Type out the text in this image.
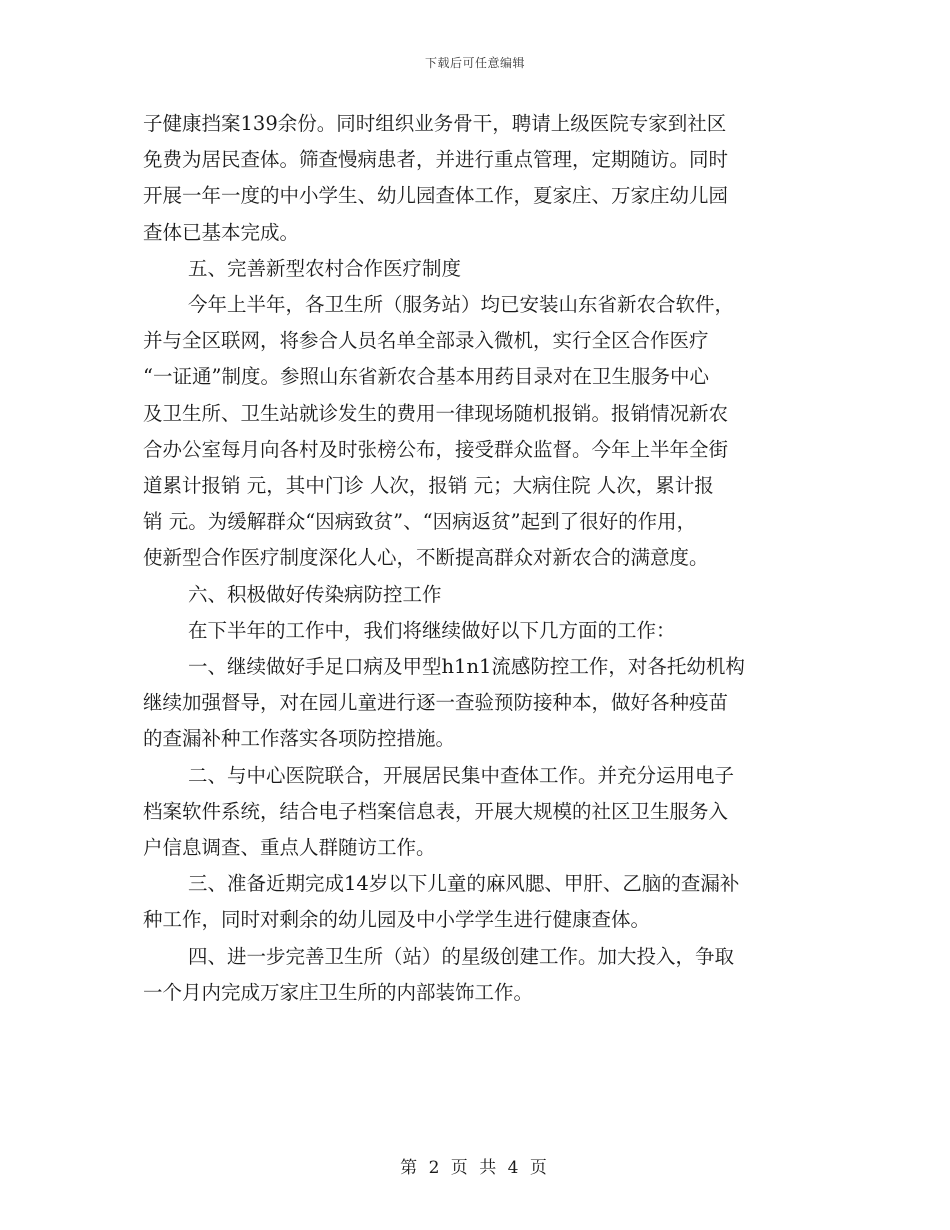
下载后可任意编辑
子健康挡案139余份。同时组织业务骨干，聘请上级医院专家到社区
免费为居民查体。筛查慢病患者，并进行重点管理，定期随访。同时
开展一年一度的中小学生、幼儿园查体工作，夏家庄、万家庄幼儿园
查体已基本完成。
五、完善新型农村合作医疗制度
今年上半年，各卫生所（服务站）均已安装山东省新农合软件，
并与全区联网，将参合人员名单全部录入微机，实行全区合作医疗
“一证通”制度。参照山东省新农合基本用药目录对在卫生服务中心
及卫生所、卫生站就诊发生的费用一律现场随机报销。报销情况新农
合办公室每月向各村及时张榜公布，接受群众监督。今年上半年全街
道累计报销 元，其中门诊 人次，报销 元；大病住院 人次，累计报
销 元。为缓解群众“因病致贫”、“因病返贫”起到了很好的作用，
使新型合作医疗制度深化人心，不断提高群众对新农合的满意度。
六、积极做好传染病防控工作
在下半年的工作中，我们将继续做好以下几方面的工作：
一、继续做好手足口病及甲型h1n1流感防控工作，对各托幼机构
继续加强督导，对在园儿童进行逐一查验预防接种本，做好各种疫苗
的查漏补种工作落实各项防控措施。
二、与中心医院联合，开展居民集中查体工作。并充分运用电子
档案软件系统，结合电子档案信息表，开展大规模的社区卫生服务入
户信息调查、重点人群随访工作。
三、准备近期完成14岁以下儿童的麻风腮、甲肝、乙脑的查漏补
种工作，同时对剩余的幼儿园及中小学学生进行健康查体。
四、进一步完善卫生所（站）的星级创建工作。加大投入，争取
一个月内完成万家庄卫生所的内部装饰工作。
第 2 页 共 4 页
